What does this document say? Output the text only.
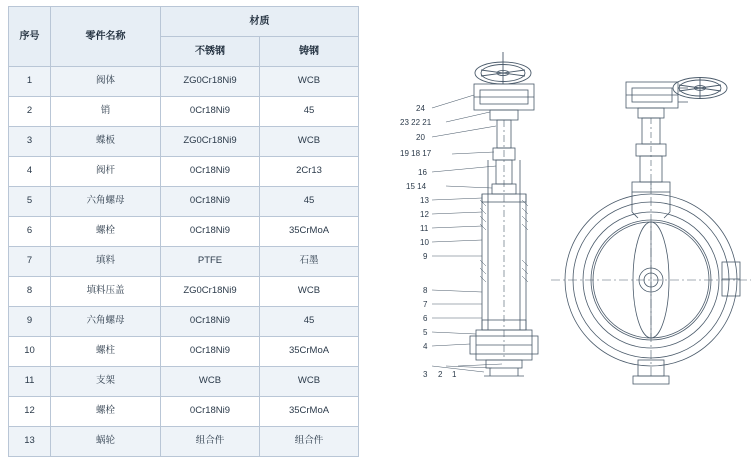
序号	零件名称	材质	
		不锈钢	铸钢
1	阀体	ZG0Cr18Ni9	WCB
2	销	0Cr18Ni9	45
3	蝶板	ZG0Cr18Ni9	WCB
4	阀杆	0Cr18Ni9	2Cr13
5	六角螺母	0Cr18Ni9	45
6	螺栓	0Cr18Ni9	35CrMoA
7	填料	PTFE	石墨
8	填料压盖	ZG0Cr18Ni9	WCB
9	六角螺母	0Cr18Ni9	45
10	螺柱	0Cr18Ni9	35CrMoA
11	支架	WCB	WCB
12	螺栓	0Cr18Ni9	35CrMoA
13	蜗轮	组合件	组合件
24
23 22 21
20
19 18 17
16
15 14
13
12
11
10
9
8
7
6
5
4
3 2 1
